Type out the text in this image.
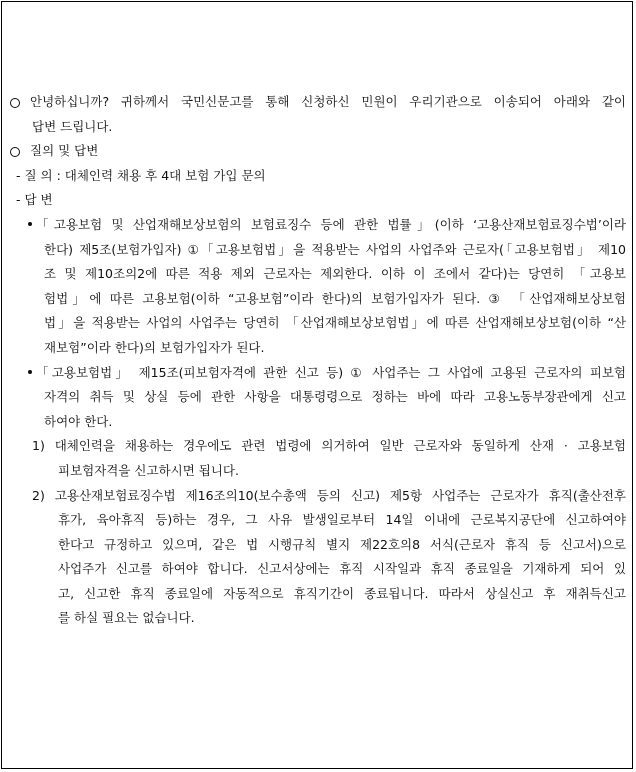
안녕하십니까? 귀하께서 국민신문고를 통해 신청하신 민원이 우리기관으로 이송되어 아래와 같이
답변 드립니다.
질의 및 답변
- 질 의 : 대체인력 채용 후 4대 보험 가입 문의
- 답 변
「고용보험 및 산업재해보상보험의 보험료징수 등에 관한 법률」(이하 ‘고용산재보험료징수법’이라
한다) 제5조(보험가입자) ①「고용보험법」을 적용받는 사업의 사업주와 근로자(「고용보험법」 제10
조 및 제10조의2에 따른 적용 제외 근로자는 제외한다. 이하 이 조에서 같다)는 당연히 「고용보
험법」에 따른 고용보험(이하 “고용보험”이라 한다)의 보험가입자가 된다. ③ 「산업재해보상보험
법」을 적용받는 사업의 사업주는 당연히 「산업재해보상보험법」에 따른 산업재해보상보험(이하 “산
재보험”이라 한다)의 보험가입자가 된다.
「고용보험법」 제15조(피보험자격에 관한 신고 등) ① 사업주는 그 사업에 고용된 근로자의 피보험
자격의 취득 및 상실 등에 관한 사항을 대통령령으로 정하는 바에 따라 고용노동부장관에게 신고
하여야 한다.
1) 대체인력을 채용하는 경우에도 관련 법령에 의거하여 일반 근로자와 동일하게 산재 · 고용보험
피보험자격을 신고하시면 됩니다.
2) 고용산재보험료징수법 제16조의10(보수총액 등의 신고) 제5항 사업주는 근로자가 휴직(출산전후
휴가, 육아휴직 등)하는 경우, 그 사유 발생일로부터 14일 이내에 근로복지공단에 신고하여야
한다고 규정하고 있으며, 같은 법 시행규칙 별지 제22호의8 서식(근로자 휴직 등 신고서)으로
사업주가 신고를 하여야 합니다. 신고서상에는 휴직 시작일과 휴직 종료일을 기재하게 되어 있
고, 신고한 휴직 종료일에 자동적으로 휴직기간이 종료됩니다. 따라서 상실신고 후 재취득신고
를 하실 필요는 없습니다.
